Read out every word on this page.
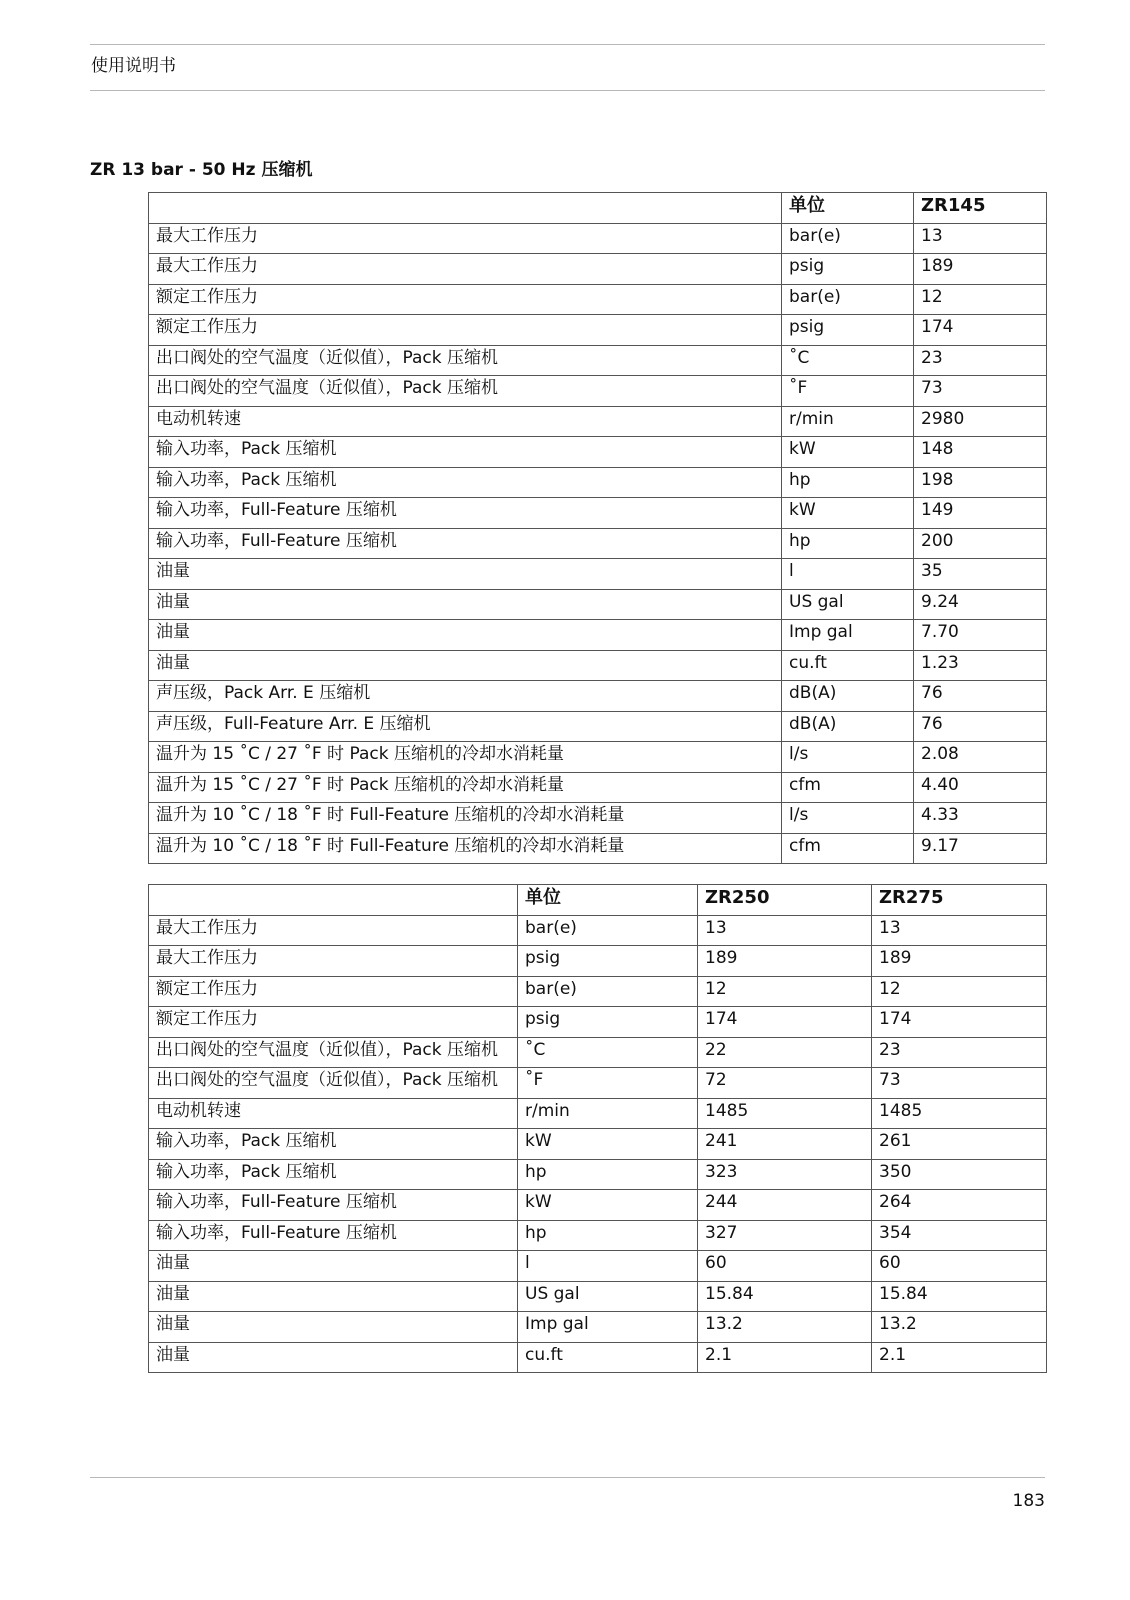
使用说明书
ZR 13 bar - 50 Hz 压缩机
	单位	ZR145
最大工作压力	bar(e)	13
最大工作压力	psig	189
额定工作压力	bar(e)	12
额定工作压力	psig	174
出口阀处的空气温度（近似值），Pack 压缩机	˚C	23
出口阀处的空气温度（近似值），Pack 压缩机	˚F	73
电动机转速	r/min	2980
输入功率，Pack 压缩机	kW	148
输入功率，Pack 压缩机	hp	198
输入功率，Full-Feature 压缩机	kW	149
输入功率，Full-Feature 压缩机	hp	200
油量	l	35
油量	US gal	9.24
油量	Imp gal	7.70
油量	cu.ft	1.23
声压级，Pack Arr. E 压缩机	dB(A)	76
声压级，Full-Feature Arr. E 压缩机	dB(A)	76
温升为 15 ˚C / 27 ˚F 时 Pack 压缩机的冷却水消耗量	l/s	2.08
温升为 15 ˚C / 27 ˚F 时 Pack 压缩机的冷却水消耗量	cfm	4.40
温升为 10 ˚C / 18 ˚F 时 Full-Feature 压缩机的冷却水消耗量	l/s	4.33
温升为 10 ˚C / 18 ˚F 时 Full-Feature 压缩机的冷却水消耗量	cfm	9.17
	单位	ZR250	ZR275
最大工作压力	bar(e)	13	13
最大工作压力	psig	189	189
额定工作压力	bar(e)	12	12
额定工作压力	psig	174	174
出口阀处的空气温度（近似值），Pack 压缩机	˚C	22	23
出口阀处的空气温度（近似值），Pack 压缩机	˚F	72	73
电动机转速	r/min	1485	1485
输入功率，Pack 压缩机	kW	241	261
输入功率，Pack 压缩机	hp	323	350
输入功率，Full-Feature 压缩机	kW	244	264
输入功率，Full-Feature 压缩机	hp	327	354
油量	l	60	60
油量	US gal	15.84	15.84
油量	Imp gal	13.2	13.2
油量	cu.ft	2.1	2.1
183
